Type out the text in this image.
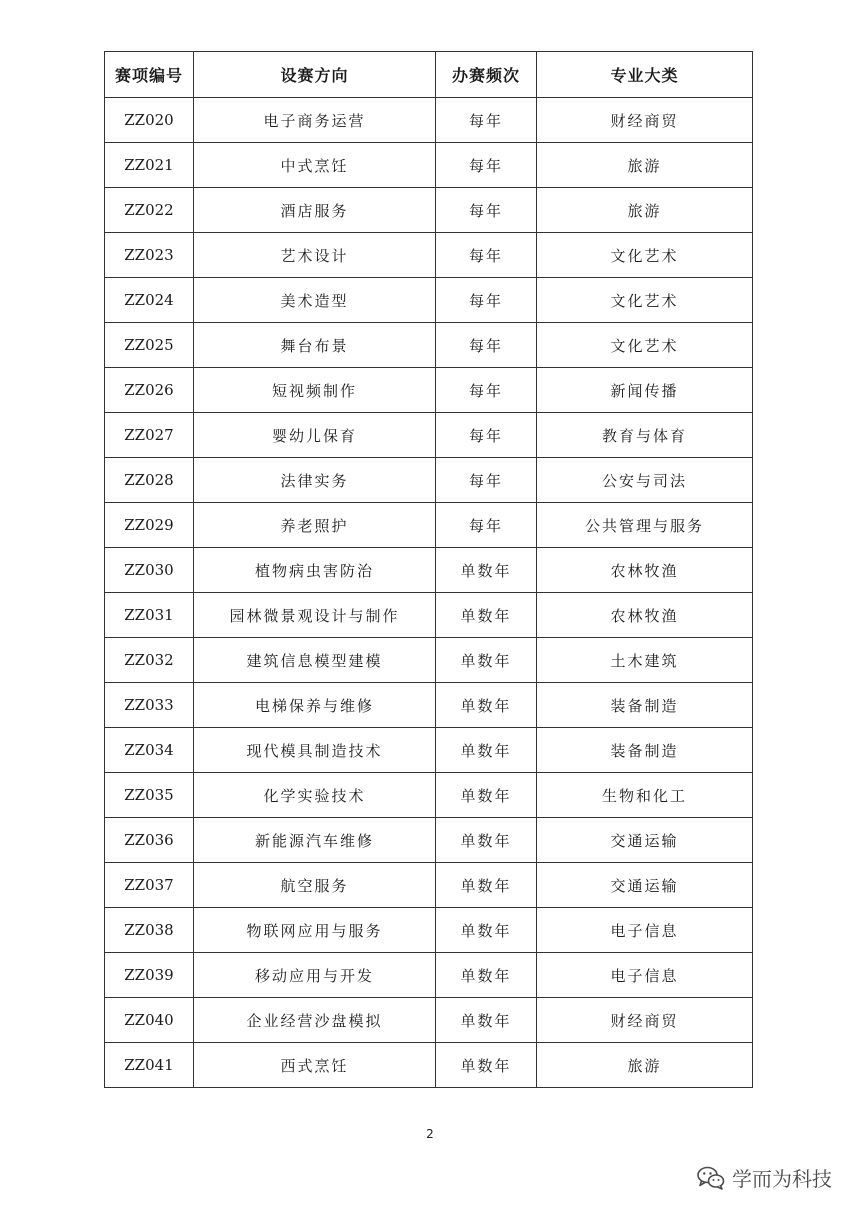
赛项编号	设赛方向	办赛频次	专业大类
ZZ020	电子商务运营	每年	财经商贸
ZZ021	中式烹饪	每年	旅游
ZZ022	酒店服务	每年	旅游
ZZ023	艺术设计	每年	文化艺术
ZZ024	美术造型	每年	文化艺术
ZZ025	舞台布景	每年	文化艺术
ZZ026	短视频制作	每年	新闻传播
ZZ027	婴幼儿保育	每年	教育与体育
ZZ028	法律实务	每年	公安与司法
ZZ029	养老照护	每年	公共管理与服务
ZZ030	植物病虫害防治	单数年	农林牧渔
ZZ031	园林微景观设计与制作	单数年	农林牧渔
ZZ032	建筑信息模型建模	单数年	土木建筑
ZZ033	电梯保养与维修	单数年	装备制造
ZZ034	现代模具制造技术	单数年	装备制造
ZZ035	化学实验技术	单数年	生物和化工
ZZ036	新能源汽车维修	单数年	交通运输
ZZ037	航空服务	单数年	交通运输
ZZ038	物联网应用与服务	单数年	电子信息
ZZ039	移动应用与开发	单数年	电子信息
ZZ040	企业经营沙盘模拟	单数年	财经商贸
ZZ041	西式烹饪	单数年	旅游
2
学而为科技
